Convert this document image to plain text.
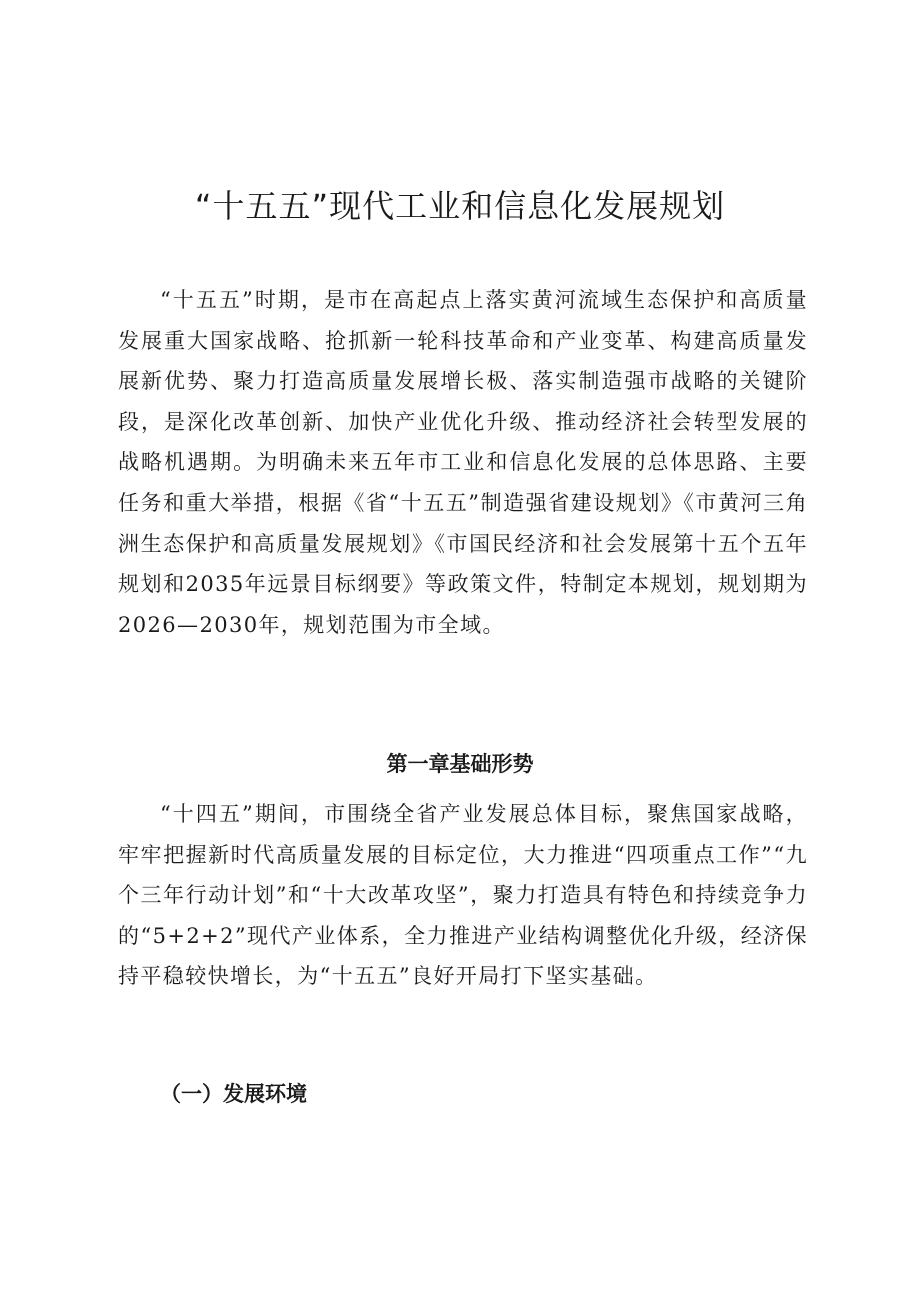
“十五五”现代工业和信息化发展规划

“十五五”时期，是市在高起点上落实黄河流域生态保护和高质量发展重大国家战略、抢抓新一轮科技革命和产业变革、构建高质量发展新优势、聚力打造高质量发展增长极、落实制造强市战略的关键阶段，是深化改革创新、加快产业优化升级、推动经济社会转型发展的战略机遇期。为明确未来五年市工业和信息化发展的总体思路、主要任务和重大举措，根据《省“十五五”制造强省建设规划》《市黄河三角洲生态保护和高质量发展规划》《市国民经济和社会发展第十五个五年规划和2035年远景目标纲要》等政策文件，特制定本规划，规划期为2026—2030年，规划范围为市全域。

第一章基础形势

“十四五”期间，市围绕全省产业发展总体目标，聚焦国家战略，牢牢把握新时代高质量发展的目标定位，大力推进“四项重点工作”“九个三年行动计划”和“十大改革攻坚”，聚力打造具有特色和持续竞争力的“5+2+2”现代产业体系，全力推进产业结构调整优化升级，经济保持平稳较快增长，为“十五五”良好开局打下坚实基础。

（一）发展环境
